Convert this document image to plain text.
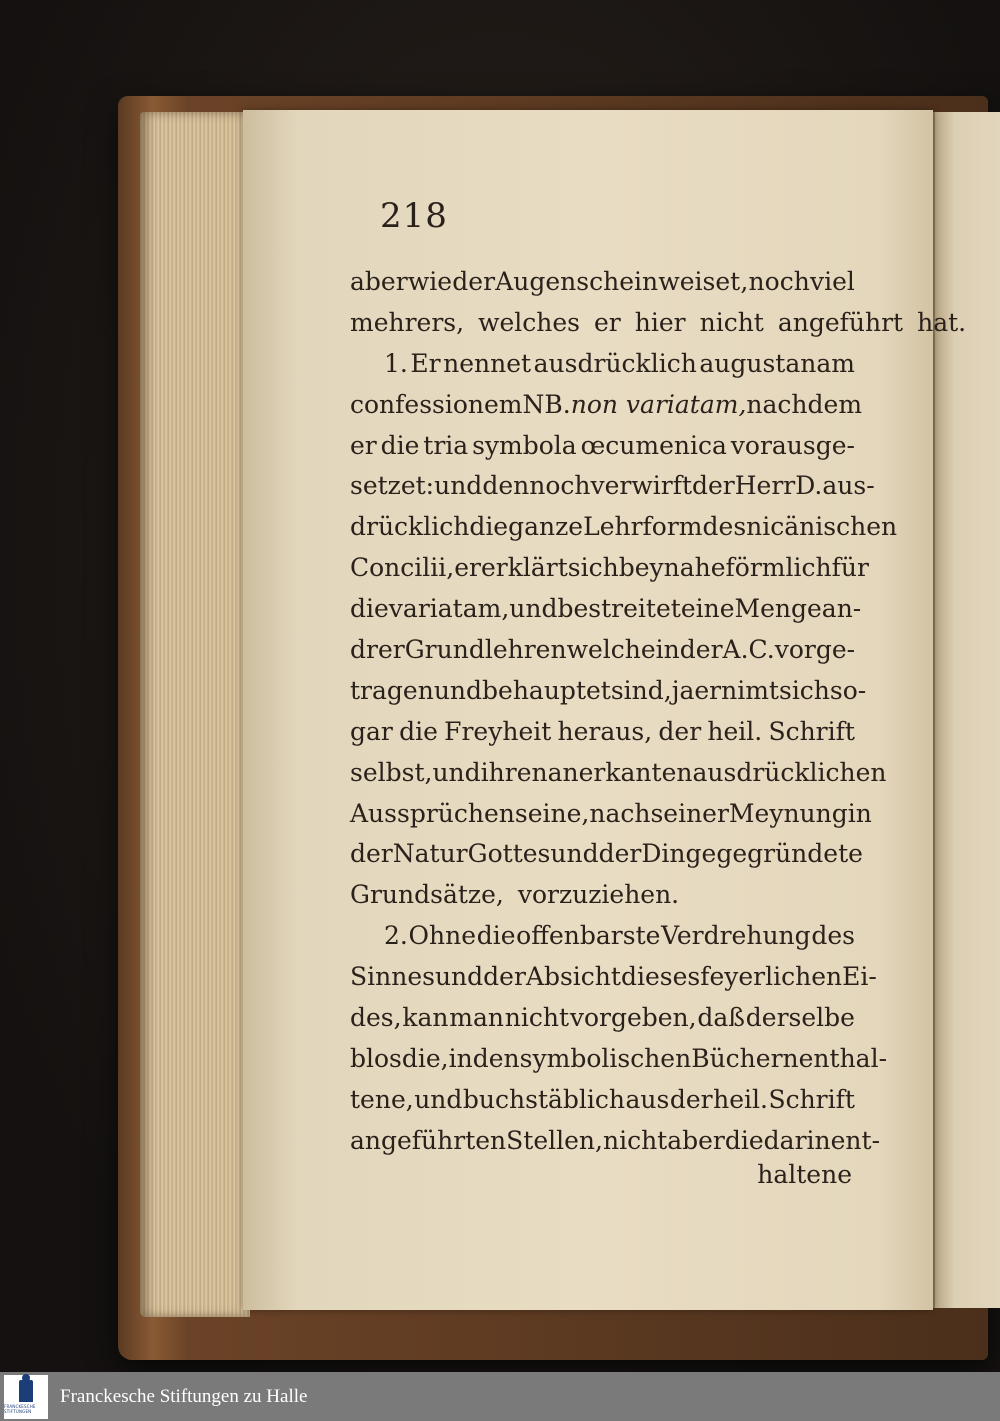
218
aber wie der Augenschein weiset , noch viel
mehrers, welches er hier nicht angeführt hat.
1. Er nennet ausdrücklich augustanam
confessionem NB. non variatam, nachdem
er die tria symbola œcumenica vorausge-
setzet: und dennoch verwirft der Herr D. aus-
drücklich die ganze Lehrform des nicänischen
Concilii, er erklärt sich beynahe förmlich für
die variatam, und bestreitet eine Menge an-
drer Grundlehren welche in der A. C. vorge-
tragen und behauptet sind, ja er nimt sich so-
gar die Freyheit heraus, der heil. Schrift
selbst, und ihren anerkanten ausdrücklichen
Aussprüchen seine, nach seiner Meynung in
der Natur Gottes und der Dinge gegründete
Grundsätze, vorzuziehen.
2. Ohne die offenbarste Verdrehung des
Sinnes und der Absicht dieses feyerlichen Ei-
des, kan man nicht vorgeben, daß derselbe
blos die, in den symbolischen Büchern enthal-
tene, und buchstäblich aus der heil. Schrift
angeführten Stellen, nicht aber die darin ent-
haltene
FRANCKESCHE STIFTUNGEN
Franckesche Stiftungen zu Halle
